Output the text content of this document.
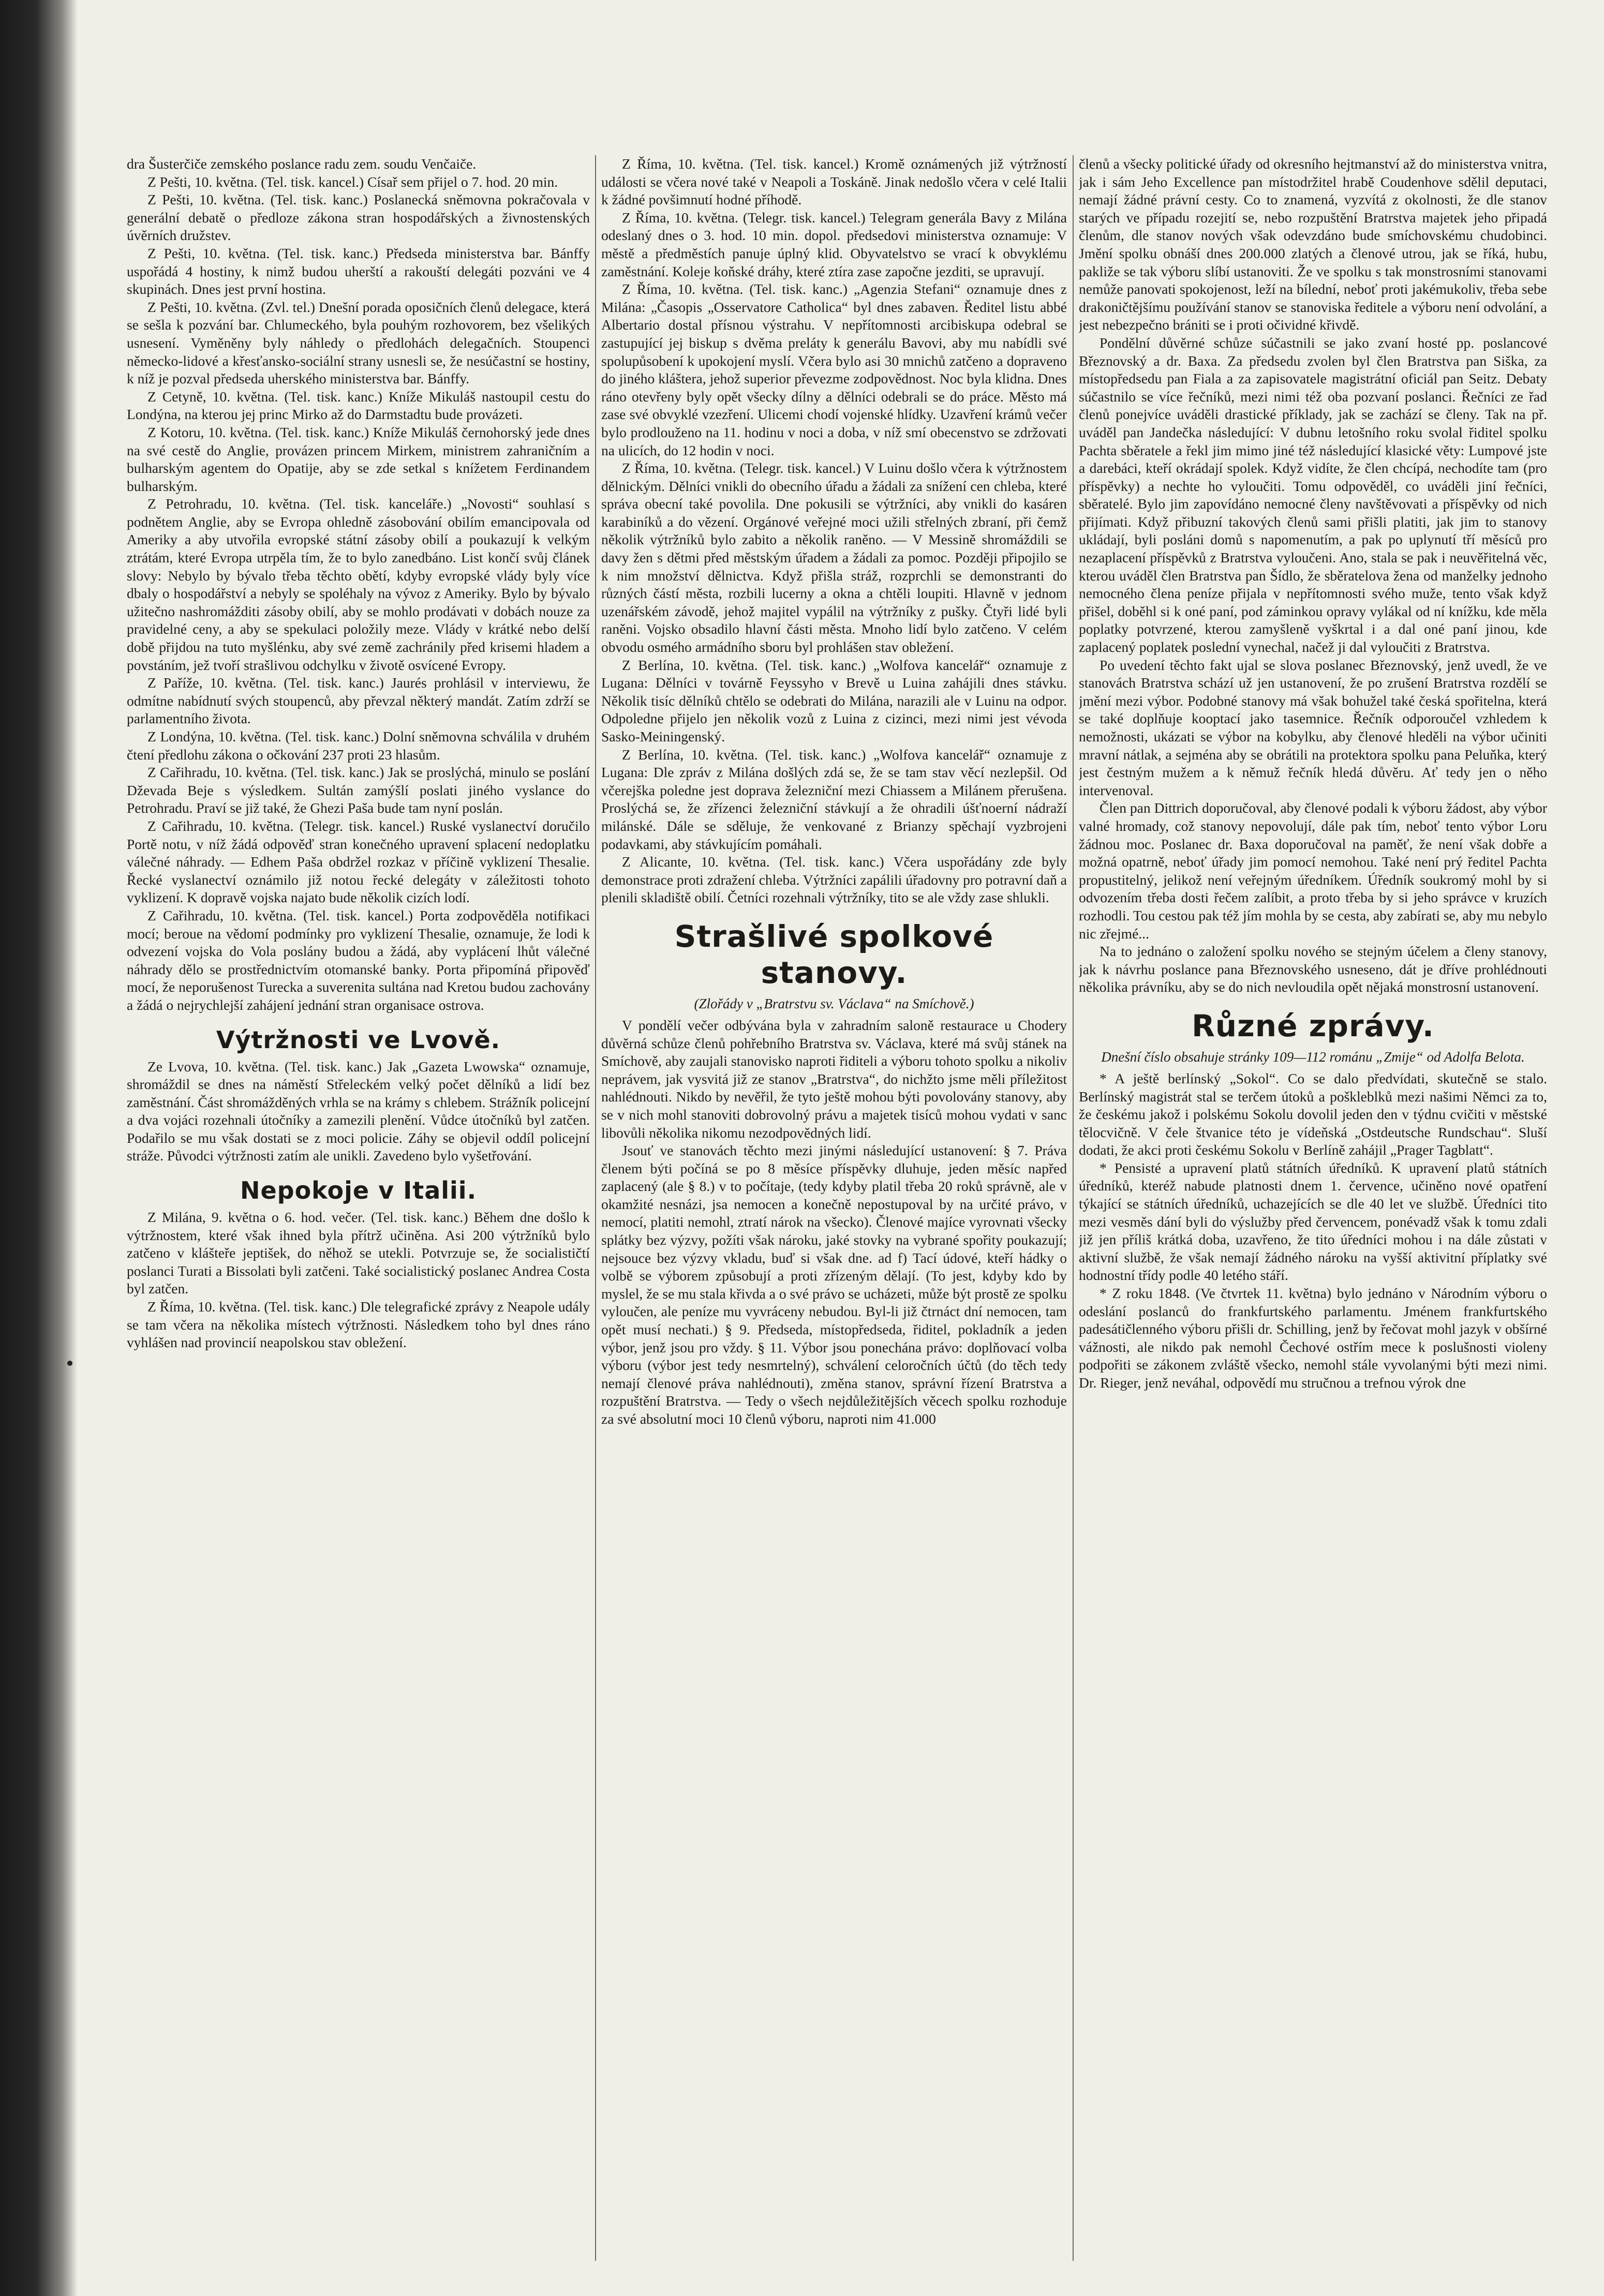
dra Šusterčiče zemského poslance radu zem. soudu Venčaiče.

Z Pešti, 10. května. (Tel. tisk. kancel.) Císař sem přijel o 7. hod. 20 min.

Z Pešti, 10. května. (Tel. tisk. kanc.) Poslanecká sněmovna pokračovala v generální debatě o předloze zákona stran hospodářských a živnostenských úvěrních družstev.

Z Pešti, 10. května. (Tel. tisk. kanc.) Předseda ministerstva bar. Bánffy uspořádá 4 hostiny, k nimž budou uherští a rakouští delegáti pozváni ve 4 skupinách. Dnes jest první hostina.

Z Pešti, 10. května. (Zvl. tel.) Dnešní porada oposičních členů delegace, která se sešla k pozvání bar. Chlumeckého, byla pouhým rozhovorem, bez všelikých usnesení. Vyměněny byly náhledy o předlohách delegačních. Stoupenci německo-lidové a křesťansko-sociální strany usnesli se, že nesúčastní se hostiny, k níž je pozval předseda uherského ministerstva bar. Bánffy.

Z Cetyně, 10. května. (Tel. tisk. kanc.) Kníže Mikuláš nastoupil cestu do Londýna, na kterou jej princ Mirko až do Darmstadtu bude provázeti.

Z Kotoru, 10. května. (Tel. tisk. kanc.) Kníže Mikuláš černohorský jede dnes na své cestě do Anglie, provázen princem Mirkem, ministrem zahraničním a bulharským agentem do Opatije, aby se zde setkal s knížetem Ferdinandem bulharským.

Z Petrohradu, 10. května. (Tel. tisk. kanceláře.) „Novosti“ souhlasí s podnětem Anglie, aby se Evropa ohledně zásobování obilím emancipovala od Ameriky a aby utvořila evropské státní zásoby obilí a poukazují k velkým ztrátám, které Evropa utrpěla tím, že to bylo zanedbáno. List končí svůj článek slovy: Nebylo by bývalo třeba těchto obětí, kdyby evropské vlády byly více dbaly o hospodářství a nebyly se spoléhaly na vývoz z Ameriky. Bylo by bývalo užitečno nashromážditi zásoby obilí, aby se mohlo prodávati v dobách nouze za pravidelné ceny, a aby se spekulaci položily meze. Vlády v krátké nebo delší době přijdou na tuto myšlénku, aby své země zachránily před krisemi hladem a povstáním, jež tvoří strašlivou odchylku v životě osvícené Evropy.

Z Paříže, 10. května. (Tel. tisk. kanc.) Jaurés prohlásil v interviewu, že odmítne nabídnutí svých stoupenců, aby převzal některý mandát. Zatím zdrží se parlamentního života.

Z Londýna, 10. května. (Tel. tisk. kanc.) Dolní sněmovna schválila v druhém čtení předlohu zákona o očkování 237 proti 23 hlasům.

Z Cařihradu, 10. května. (Tel. tisk. kanc.) Jak se proslýchá, minulo se poslání Dževada Beje s výsledkem. Sultán zamýšlí poslati jiného vyslance do Petrohradu. Praví se již také, že Ghezi Paša bude tam nyní poslán.

Z Cařihradu, 10. května. (Telegr. tisk. kancel.) Ruské vyslanectví doručilo Portě notu, v níž žádá odpověď stran konečného upravení splacení nedoplatku válečné náhrady. — Edhem Paša obdržel rozkaz v příčině vyklizení Thesalie. Řecké vyslanectví oznámilo již notou řecké delegáty v záležitosti tohoto vyklizení. K dopravě vojska najato bude několik cizích lodí.

Z Cařihradu, 10. května. (Tel. tisk. kancel.) Porta zodpověděla notifikaci mocí; beroue na vědomí podmínky pro vyklizení Thesalie, oznamuje, že lodi k odvezení vojska do Vola poslány budou a žádá, aby vyplácení lhůt válečné náhrady dělo se prostřednictvím otomanské banky. Porta připomíná připověď mocí, že neporušenost Turecka a suverenita sultána nad Kretou budou zachovány a žádá o nejrychlejší zahájení jednání stran organisace ostrova.

Výtržnosti ve Lvově.

Ze Lvova, 10. května. (Tel. tisk. kanc.) Jak „Gazeta Lwowska“ oznamuje, shromáždil se dnes na náměstí Střeleckém velký počet dělníků a lidí bez zaměstnání. Část shromážděných vrhla se na krámy s chlebem. Strážník policejní a dva vojáci rozehnali útočníky a zamezili plenění. Vůdce útočníků byl zatčen. Podařilo se mu však dostati se z moci policie. Záhy se objevil oddíl policejní stráže. Původci výtržnosti zatím ale unikli. Zavedeno bylo vyšetřování.

Nepokoje v Italii.

Z Milána, 9. května o 6. hod. večer. (Tel. tisk. kanc.) Během dne došlo k výtržnostem, které však ihned byla přítrž učiněna. Asi 200 výtržníků bylo zatčeno v klášteře jeptišek, do něhož se utekli. Potvrzuje se, že socialističtí poslanci Turati a Bissolati byli zatčeni. Také socialistický poslanec Andrea Costa byl zatčen.

Z Říma, 10. května. (Tel. tisk. kanc.) Dle telegrafické zprávy z Neapole udály se tam včera na několika místech výtržnosti. Následkem toho byl dnes ráno vyhlášen nad provincií neapolskou stav obležení.

Z Říma, 10. května. (Tel. tisk. kancel.) Kromě oznámených již výtržností události se včera nové také v Neapoli a Toskáně. Jinak nedošlo včera v celé Italii k žádné povšimnutí hodné příhodě.

Z Říma, 10. května. (Telegr. tisk. kancel.) Telegram generála Bavy z Milána odeslaný dnes o 3. hod. 10 min. dopol. předsedovi ministerstva oznamuje: V městě a předměstích panuje úplný klid. Obyvatelstvo se vrací k obvyklému zaměstnání. Koleje koňské dráhy, které ztíra zase započne jezditi, se upravují.

Z Říma, 10. května. (Tel. tisk. kanc.) „Agenzia Stefani“ oznamuje dnes z Milána: „Časopis „Osservatore Catholica“ byl dnes zabaven. Ředitel listu abbé Albertario dostal přísnou výstrahu. V nepřítomnosti arcibiskupa odebral se zastupující jej biskup s dvěma preláty k generálu Bavovi, aby mu nabídli své spolupůsobení k upokojení myslí. Včera bylo asi 30 mnichů zatčeno a dopraveno do jiného kláštera, jehož superior převezme zodpovědnost. Noc byla klidna. Dnes ráno otevřeny byly opět všecky dílny a dělníci odebrali se do práce. Město má zase své obvyklé vzezření. Ulicemi chodí vojenské hlídky. Uzavření krámů večer bylo prodlouženo na 11. hodinu v noci a doba, v níž smí obecenstvo se zdržovati na ulicích, do 12 hodin v noci.

Z Říma, 10. května. (Telegr. tisk. kancel.) V Luinu došlo včera k výtržnostem dělnickým. Dělníci vnikli do obecního úřadu a žádali za snížení cen chleba, které správa obecní také povolila. Dne pokusili se výtržníci, aby vnikli do kasáren karabiníků a do vězení. Orgánové veřejné moci užili střelných zbraní, při čemž několik výtržníků bylo zabito a několik raněno. — V Messině shromáždili se davy žen s dětmi před městským úřadem a žádali za pomoc. Později připojilo se k nim množství dělnictva. Když přišla stráž, rozprchli se demonstranti do různých částí města, rozbili lucerny a okna a chtěli loupiti. Hlavně v jednom uzenářském závodě, jehož majitel vypálil na výtržníky z pušky. Čtyři lidé byli raněni. Vojsko obsadilo hlavní části města. Mnoho lidí bylo zatčeno. V celém obvodu osmého armádního sboru byl prohlášen stav obležení.

Z Berlína, 10. května. (Tel. tisk. kanc.) „Wolfova kancelář“ oznamuje z Lugana: Dělníci v továrně Feyssyho v Brevě u Luina zahájili dnes stávku. Několik tisíc dělníků chtělo se odebrati do Milána, narazili ale v Luinu na odpor. Odpoledne přijelo jen několik vozů z Luina z cizinci, mezi nimi jest vévoda Sasko-Meiningenský.

Z Berlína, 10. května. (Tel. tisk. kanc.) „Wolfova kancelář“ oznamuje z Lugana: Dle zpráv z Milána došlých zdá se, že se tam stav věcí nezlepšil. Od včerejška poledne jest doprava železniční mezi Chiassem a Milánem přerušena. Proslýchá se, že zřízenci železniční stávkují a že ohradili úšťnoerní nádraží milánské. Dále se sděluje, že venkované z Brianzy spěchají vyzbrojeni podavkami, aby stávkujícím pomáhali.

Z Alicante, 10. května. (Tel. tisk. kanc.) Včera uspořádány zde byly demonstrace proti zdražení chleba. Výtržníci zapálili úřadovny pro potravní daň a plenili skladiště obilí. Četníci rozehnali výtržníky, tito se ale vždy zase shlukli.

Strašlivé spolkové stanovy.
(Zlořády v „Bratrstvu sv. Václava“ na Smíchově.)

V pondělí večer odbývána byla v zahradním saloně restaurace u Chodery důvěrná schůze členů pohřebního Bratrstva sv. Václava, které má svůj stánek na Smíchově, aby zaujali stanovisko naproti řiditeli a výboru tohoto spolku a nikoliv neprávem, jak vysvitá již ze stanov „Bratrstva“, do nichžto jsme měli příležitost nahlédnouti. Nikdo by nevěřil, že tyto ještě mohou býti povolovány stanovy, aby se v nich mohl stanoviti dobrovolný právu a majetek tisíců mohou vydati v sanc libovůli několika nikomu nezodpovědných lidí.

Jsouť ve stanovách těchto mezi jinými následující ustanovení: § 7. Práva členem býti počíná se po 8 měsíce příspěvky dluhuje, jeden měsíc napřed zaplacený (ale § 8.) v to počítaje, (tedy kdyby platil třeba 20 roků správně, ale v okamžité nesnázi, jsa nemocen a konečně nepostupoval by na určité právo, v nemocí, platiti nemohl, ztratí nárok na všecko). Členové majíce vyrovnati všecky splátky bez výzvy, požíti však nároku, jaké stovky na vybrané spořity poukazují; nejsouce bez výzvy vkladu, buď si však dne. ad f) Tací údové, kteří hádky o volbě se výborem způsobují a proti zřízeným dělají. (To jest, kdyby kdo by myslel, že se mu stala křivda a o své právo se ucházeti, může být prostě ze spolku vyloučen, ale peníze mu vyvráceny nebudou. Byl-li již čtrnáct dní nemocen, tam opět musí nechati.) § 9. Předseda, místopředseda, řiditel, pokladník a jeden výbor, jenž jsou pro vždy. § 11. Výbor jsou ponechána právo: doplňovací volba výboru (výbor jest tedy nesmrtelný), schválení celoročních účtů (do těch tedy nemají členové práva nahlédnouti), změna stanov, správní řízení Bratrstva a rozpuštění Bratrstva. — Tedy o všech nejdůležitějších věcech spolku rozhoduje za své absolutní moci 10 členů výboru, naproti nim 41.000

členů a všecky politické úřady od okresního hejtmanství až do ministerstva vnitra, jak i sám Jeho Excellence pan místodržitel hrabě Coudenhove sdělil deputaci, nemají žádné právní cesty. Co to znamená, vyzvítá z okolnosti, že dle stanov starých ve případu rozejití se, nebo rozpuštění Bratrstva majetek jeho připadá členům, dle stanov nových však odevzdáno bude smíchovskému chudobinci. Jmění spolku obnáší dnes 200.000 zlatých a členové utrou, jak se říká, hubu, pakliže se tak výboru slíbí ustanoviti. Že ve spolku s tak monstrosními stanovami nemůže panovati spokojenost, leží na bílední, neboť proti jakémukoliv, třeba sebe drakoničtějšímu používání stanov se stanoviska ředitele a výboru není odvolání, a jest nebezpečno brániti se i proti očividné křivdě.

Pondělní důvěrné schůze súčastnili se jako zvaní hosté pp. poslancové Březnovský a dr. Baxa. Za předsedu zvolen byl člen Bratrstva pan Siška, za místopředsedu pan Fiala a za zapisovatele magistrátní oficiál pan Seitz. Debaty súčastnilo se více řečníků, mezi nimi též oba pozvaní poslanci. Řečníci ze řad členů ponejvíce uváděli drastické příklady, jak se zachází se členy. Tak na př. uváděl pan Jandečka následující: V dubnu letošního roku svolal řiditel spolku Pachta sběratele a řekl jim mimo jiné též následující klasické věty: Lumpové jste a darebáci, kteří okrádají spolek. Když vidíte, že člen chcípá, nechodíte tam (pro příspěvky) a nechte ho vyloučiti. Tomu odpověděl, co uváděli jiní řečníci, sběratelé. Bylo jim zapovídáno nemocné členy navštěvovati a příspěvky od nich přijímati. Když přibuzní takových členů sami přišli platiti, jak jim to stanovy ukládají, byli posláni domů s napomenutím, a pak po uplynutí tří měsíců pro nezaplacení příspěvků z Bratrstva vyloučeni. Ano, stala se pak i neuvěřitelná věc, kterou uváděl člen Bratrstva pan Šídlo, že sběratelova žena od manželky jednoho nemocného člena peníze přijala v nepřítomnosti svého muže, tento však když přišel, doběhl si k oné paní, pod záminkou opravy vylákal od ní knížku, kde měla poplatky potvrzené, kterou zamyšleně vyškrtal i a dal oné paní jinou, kde zaplacený poplatek poslední vynechal, načež ji dal vyloučiti z Bratrstva.

Po uvedení těchto fakt ujal se slova poslanec Březnovský, jenž uvedl, že ve stanovách Bratrstva schází už jen ustanovení, že po zrušení Bratrstva rozdělí se jmění mezi výbor. Podobné stanovy má však bohužel také česká spořitelna, která se také doplňuje kooptací jako tasemnice. Řečník odporoučel vzhledem k nemožnosti, ukázati se výbor na kobylku, aby členové hleděli na výbor učiniti mravní nátlak, a sejména aby se obrátili na protektora spolku pana Peluňka, který jest čestným mužem a k němuž řečník hledá důvěru. Ať tedy jen o něho intervenoval.

Člen pan Dittrich doporučoval, aby členové podali k výboru žádost, aby výbor valné hromady, což stanovy nepovolují, dále pak tím, neboť tento výbor Loru žádnou moc. Poslanec dr. Baxa doporučoval na paměť, že není však dobře a možná opatrně, neboť úřady jim pomocí nemohou. Také není prý ředitel Pachta propustitelný, jelikož není veřejným úředníkem. Úředník soukromý mohl by si odvozením třeba dosti řečem zalíbit, a proto třeba by si jeho správce v kruzích rozhodli. Tou cestou pak též jím mohla by se cesta, aby zabírati se, aby mu nebylo nic zřejmé...

Na to jednáno o založení spolku nového se stejným účelem a členy stanovy, jak k návrhu poslance pana Březnovského usneseno, dát je dříve prohlédnouti několika právníku, aby se do nich nevloudila opět nějaká monstrosní ustanovení.

Různé zprávy.
Dnešní číslo obsahuje stránky 109—112 románu „Zmije“ od Adolfa Belota.

* A ještě berlínský „Sokol“. Co se dalo předvídati, skutečně se stalo. Berlínský magistrát stal se terčem útoků a poškleblků mezi našimi Němci za to, že českému jakož i polskému Sokolu dovolil jeden den v týdnu cvičiti v městské tělocvičně. V čele štvanice této je vídeňská „Ostdeutsche Rundschau“. Sluší dodati, že akci proti českému Sokolu v Berlíně zahájil „Prager Tagblatt“.

* Pensisté a upravení platů státních úředníků. K upravení platů státních úředníků, kteréž nabude platnosti dnem 1. července, učiněno nové opatření týkající se státních úředníků, uchazejících se dle 40 let ve službě. Úředníci tito mezi vesměs dání byli do výslužby před červencem, ponévadž však k tomu zdali již jen příliš krátká doba, uzavřeno, že tito úředníci mohou i na dále zůstati v aktivní službě, že však nemají žádného nároku na vyšší aktivitní příplatky své hodnostní třídy podle 40 letého stáří.

* Z roku 1848. (Ve čtvrtek 11. května) bylo jednáno v Národním výboru o odeslání poslanců do frankfurtského parlamentu. Jménem frankfurtského padesátičlenného výboru přišli dr. Schilling, jenž by řečovat mohl jazyk v obšírné vážnosti, ale nikdo pak nemohl Čechové ostřím mece k poslušnosti violeny podpořiti se zákonem zvláště všecko, nemohl stále vyvolanými býti mezi nimi. Dr. Rieger, jenž neváhal, odpovědí mu stručnou a trefnou výrok dne
